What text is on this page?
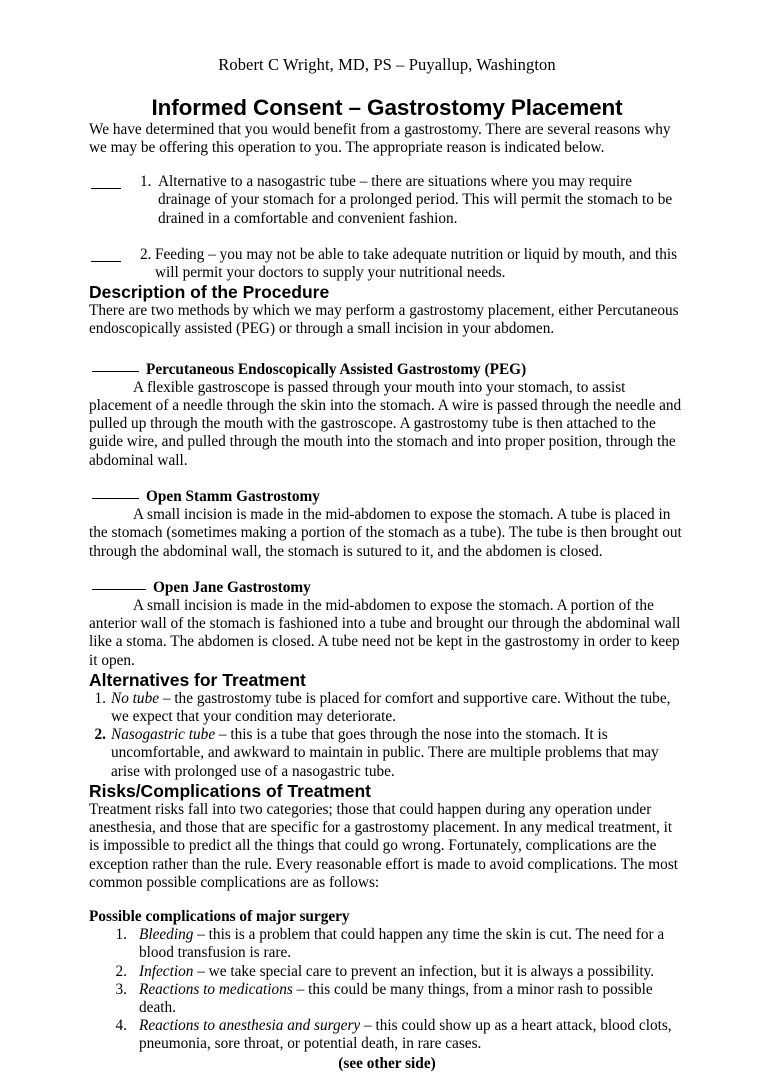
Robert C Wright, MD, PS – Puyallup, Washington
Informed Consent – Gastrostomy Placement

We have determined that you would benefit from a gastrostomy. There are several reasons why we may be offering this operation to you. The appropriate reason is indicated below.

1. Alternative to a nasogastric tube – there are situations where you may require drainage of your stomach for a prolonged period. This will permit the stomach to be drained in a comfortable and convenient fashion.
2. Feeding – you may not be able to take adequate nutrition or liquid by mouth, and this will permit your doctors to supply your nutritional needs.
Description of the Procedure

There are two methods by which we may perform a gastrostomy placement, either Percutaneous endoscopically assisted (PEG) or through a small incision in your abdomen.

Percutaneous Endoscopically Assisted Gastrostomy (PEG)

A flexible gastroscope is passed through your mouth into your stomach, to assist placement of a needle through the skin into the stomach. A wire is passed through the needle and pulled up through the mouth with the gastroscope. A gastrostomy tube is then attached to the guide wire, and pulled through the mouth into the stomach and into proper position, through the abdominal wall.

Open Stamm Gastrostomy

A small incision is made in the mid-abdomen to expose the stomach. A tube is placed in the stomach (sometimes making a portion of the stomach as a tube). The tube is then brought out through the abdominal wall, the stomach is sutured to it, and the abdomen is closed.

Open Jane Gastrostomy

A small incision is made in the mid-abdomen to expose the stomach. A portion of the anterior wall of the stomach is fashioned into a tube and brought our through the abdominal wall like a stoma. The abdomen is closed. A tube need not be kept in the gastrostomy in order to keep it open.

Alternatives for Treatment
1. No tube – the gastrostomy tube is placed for comfort and supportive care. Without the tube, we expect that your condition may deteriorate.
2. Nasogastric tube – this is a tube that goes through the nose into the stomach. It is uncomfortable, and awkward to maintain in public. There are multiple problems that may arise with prolonged use of a nasogastric tube.
Risks/Complications of Treatment

Treatment risks fall into two categories; those that could happen during any operation under anesthesia, and those that are specific for a gastrostomy placement. In any medical treatment, it is impossible to predict all the things that could go wrong. Fortunately, complications are the exception rather than the rule. Every reasonable effort is made to avoid complications. The most common possible complications are as follows:

Possible complications of major surgery
1. Bleeding – this is a problem that could happen any time the skin is cut. The need for a blood transfusion is rare.
2. Infection – we take special care to prevent an infection, but it is always a possibility.
3. Reactions to medications – this could be many things, from a minor rash to possible death.
4. Reactions to anesthesia and surgery – this could show up as a heart attack, blood clots, pneumonia, sore throat, or potential death, in rare cases.
(see other side)
